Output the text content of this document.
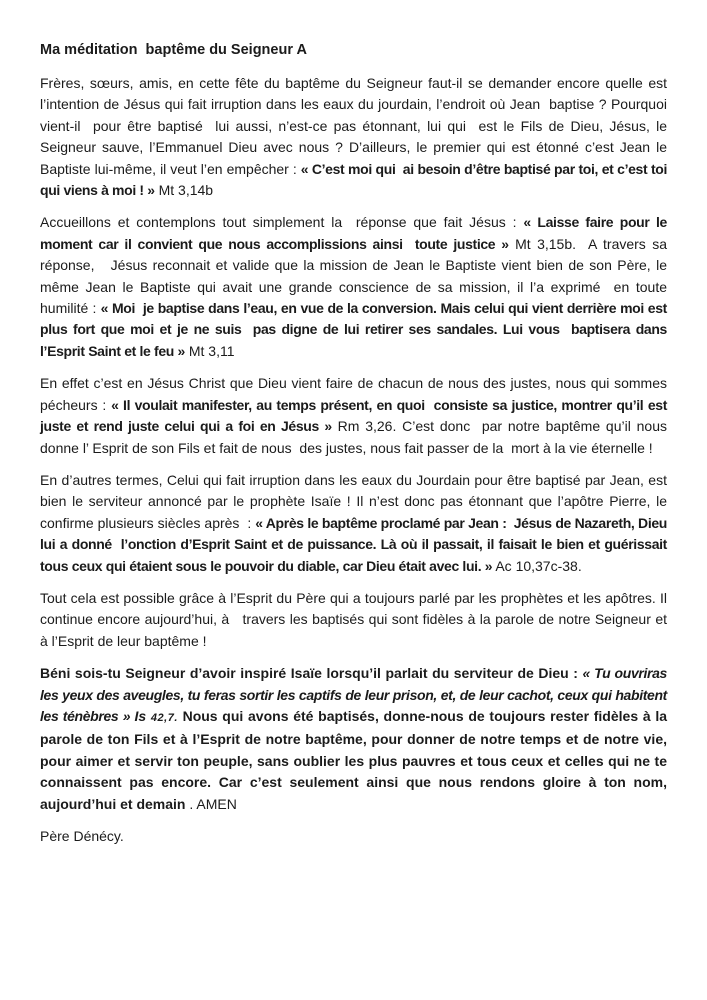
Ma méditation  baptême du Seigneur A

Frères, sœurs, amis, en cette fête du baptême du Seigneur faut-il se demander encore quelle est l’intention de Jésus qui fait irruption dans les eaux du jourdain, l’endroit où Jean  baptise ? Pourquoi vient-il  pour être baptisé  lui aussi, n’est-ce pas étonnant, lui qui  est le Fils de Dieu, Jésus, le Seigneur sauve, l’Emmanuel Dieu avec nous ? D’ailleurs, le premier qui est étonné c’est Jean le Baptiste lui-même, il veut l’en empêcher : « C’est moi qui  ai besoin d’être baptisé par toi, et c’est toi qui viens à moi ! » Mt 3,14b

Accueillons et contemplons tout simplement la  réponse que fait Jésus : « Laisse faire pour le moment car il convient que nous accomplissions ainsi  toute justice » Mt 3,15b.  A travers sa réponse,   Jésus reconnait et valide que la mission de Jean le Baptiste vient bien de son Père, le même Jean le Baptiste qui avait une grande conscience de sa mission, il l’a exprimé  en toute humilité : « Moi  je baptise dans l’eau, en vue de la conversion. Mais celui qui vient derrière moi est plus fort que moi et je ne suis  pas digne de lui retirer ses sandales. Lui vous  baptisera dans l’Esprit Saint et le feu » Mt 3,11

En effet c’est en Jésus Christ que Dieu vient faire de chacun de nous des justes, nous qui sommes pécheurs : « Il voulait manifester, au temps présent, en quoi  consiste sa justice, montrer qu’il est juste et rend juste celui qui a foi en Jésus » Rm 3,26. C’est donc  par notre baptême qu’il nous donne l’ Esprit de son Fils et fait de nous  des justes, nous fait passer de la  mort à la vie éternelle !

En d’autres termes, Celui qui fait irruption dans les eaux du Jourdain pour être baptisé par Jean, est bien le serviteur annoncé par le prophète Isaïe ! Il n’est donc pas étonnant que l’apôtre Pierre, le confirme plusieurs siècles après  : « Après le baptême proclamé par Jean :  Jésus de Nazareth, Dieu lui a donné  l’onction d’Esprit Saint et de puissance. Là où il passait, il faisait le bien et guérissait tous ceux qui étaient sous le pouvoir du diable, car Dieu était avec lui. » Ac 10,37c-38.

Tout cela est possible grâce à l’Esprit du Père qui a toujours parlé par les prophètes et les apôtres. Il continue encore aujourd’hui, à   travers les baptisés qui sont fidèles à la parole de notre Seigneur et à l’Esprit de leur baptême !

Béni sois-tu Seigneur d’avoir inspiré Isaïe lorsqu’il parlait du serviteur de Dieu : « Tu ouvriras les yeux des aveugles, tu feras sortir les captifs de leur prison, et, de leur cachot, ceux qui habitent les ténèbres » Is 42,7. Nous qui avons été baptisés, donne-nous de toujours rester fidèles à la parole de ton Fils et à l’Esprit de notre baptême, pour donner de notre temps et de notre vie, pour aimer et servir ton peuple, sans oublier les plus pauvres et tous ceux et celles qui ne te connaissent pas encore. Car c’est seulement ainsi que nous rendons gloire à ton nom, aujourd’hui et demain . AMEN

Père Dénécy.
